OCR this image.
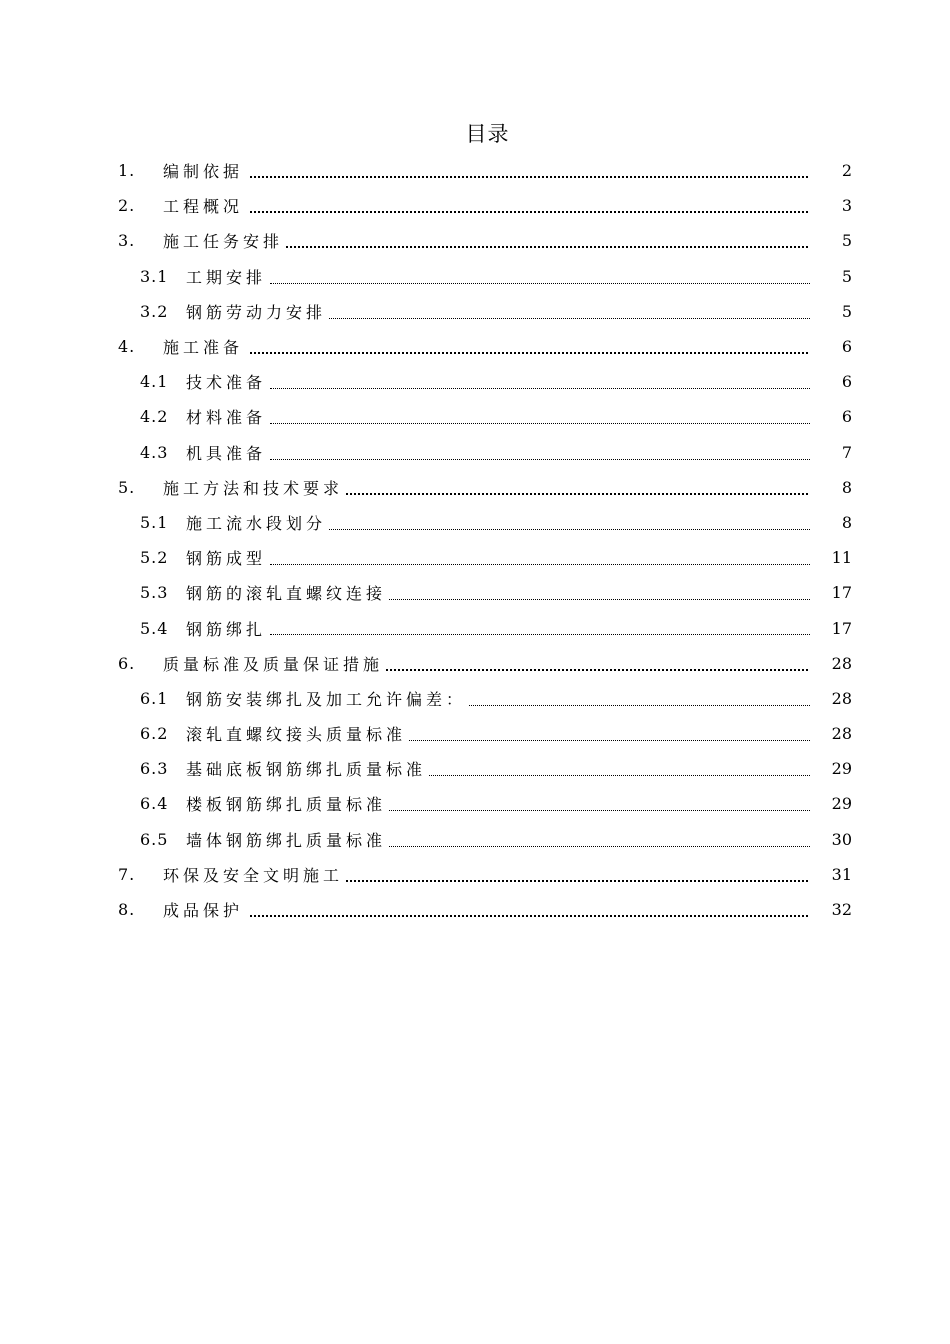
目录
1. 编制依据	2
2. 工程概况	3
3. 施工任务安排	5
3.1 工期安排	5
3.2 钢筋劳动力安排	5
4. 施工准备	6
4.1 技术准备	6
4.2 材料准备	6
4.3 机具准备	7
5. 施工方法和技术要求	8
5.1 施工流水段划分	8
5.2 钢筋成型	11
5.3 钢筋的滚轧直螺纹连接	17
5.4 钢筋绑扎	17
6. 质量标准及质量保证措施	28
6.1 钢筋安装绑扎及加工允许偏差：	28
6.2 滚轧直螺纹接头质量标准	28
6.3 基础底板钢筋绑扎质量标准	29
6.4 楼板钢筋绑扎质量标准	29
6.5 墙体钢筋绑扎质量标准	30
7. 环保及安全文明施工	31
8. 成品保护	32
